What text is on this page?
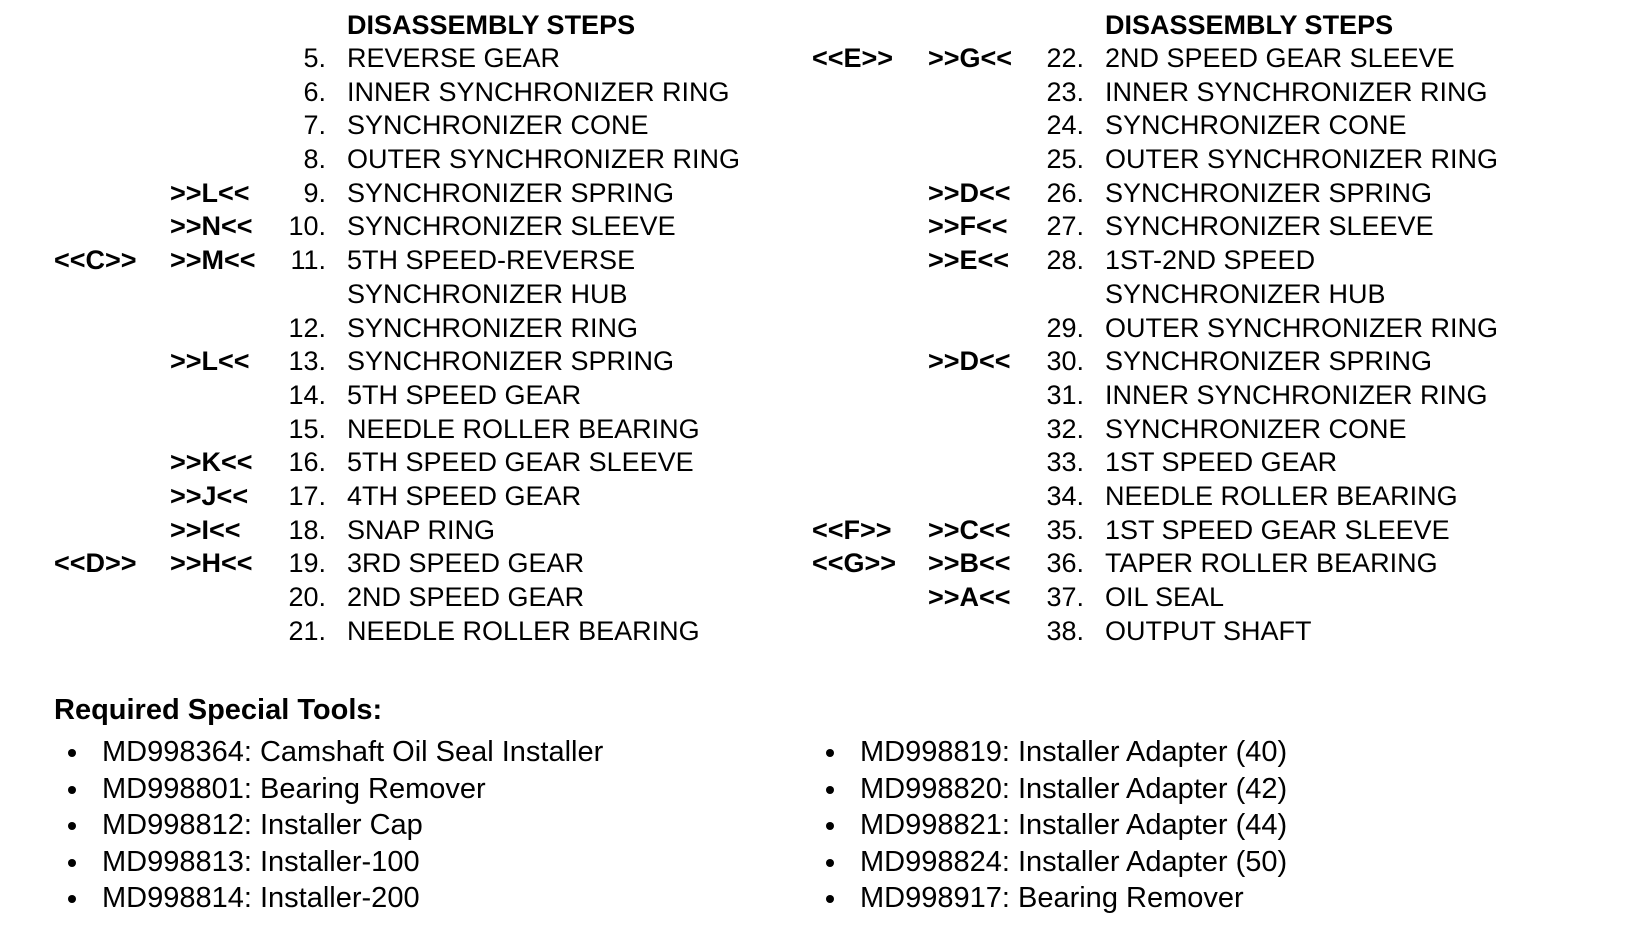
DISASSEMBLY STEPS
5. REVERSE GEAR
6. INNER SYNCHRONIZER RING
7. SYNCHRONIZER CONE
8. OUTER SYNCHRONIZER RING
>>L<<	9. SYNCHRONIZER SPRING
>>N<<	10. SYNCHRONIZER SLEEVE
<<C>> >>M<<	11. 5TH SPEED-REVERSE
SYNCHRONIZER HUB
12. SYNCHRONIZER RING
>>L<<	13. SYNCHRONIZER SPRING
14. 5TH SPEED GEAR
15. NEEDLE ROLLER BEARING
>>K<<	16. 5TH SPEED GEAR SLEEVE
>>J<<	17. 4TH SPEED GEAR
>>I<<	18. SNAP RING
<<D>> >>H<<	19. 3RD SPEED GEAR
20. 2ND SPEED GEAR
21. NEEDLE ROLLER BEARING
DISASSEMBLY STEPS
<<E>> >>G<<	22. 2ND SPEED GEAR SLEEVE
23. INNER SYNCHRONIZER RING
24. SYNCHRONIZER CONE
25. OUTER SYNCHRONIZER RING
>>D<<	26. SYNCHRONIZER SPRING
>>F<<	27. SYNCHRONIZER SLEEVE
>>E<<	28. 1ST-2ND SPEED
SYNCHRONIZER HUB
29. OUTER SYNCHRONIZER RING
>>D<<	30. SYNCHRONIZER SPRING
31. INNER SYNCHRONIZER RING
32. SYNCHRONIZER CONE
33. 1ST SPEED GEAR
34. NEEDLE ROLLER BEARING
<<F>> >>C<<	35. 1ST SPEED GEAR SLEEVE
<<G>> >>B<<	36. TAPER ROLLER BEARING
>>A<<	37. OIL SEAL
38. OUTPUT SHAFT
Required Special Tools:
MD998364: Camshaft Oil Seal Installer
MD998801: Bearing Remover
MD998812: Installer Cap
MD998813: Installer-100
MD998814: Installer-200
MD998819: Installer Adapter (40)
MD998820: Installer Adapter (42)
MD998821: Installer Adapter (44)
MD998824: Installer Adapter (50)
MD998917: Bearing Remover
